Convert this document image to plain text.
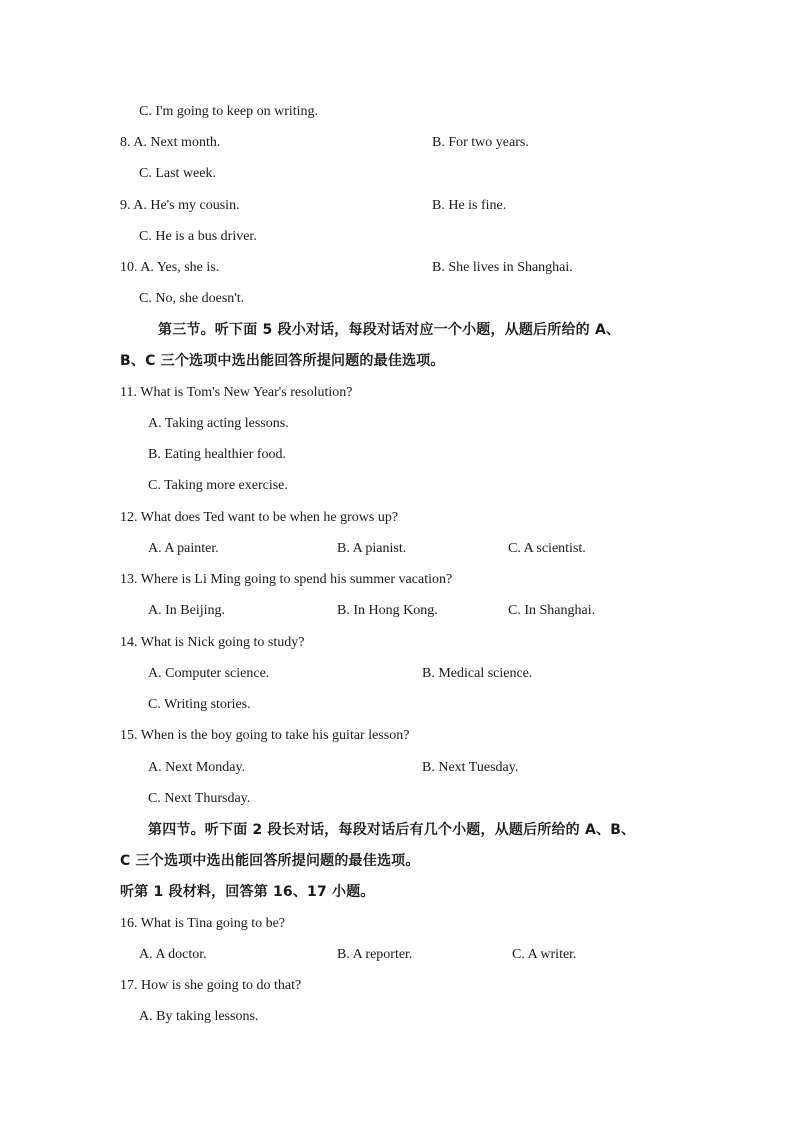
C. I'm going to keep on writing.
8. A. Next month.	B. For two years.
C. Last week.
9. A. He's my cousin.	B. He is fine.
C. He is a bus driver.
10. A. Yes, she is.	B. She lives in Shanghai.
C. No, she doesn't.
第三节。听下面 5 段小对话，每段对话对应一个小题，从题后所给的 A、
B、C 三个选项中选出能回答所提问题的最佳选项。
11. What is Tom's New Year's resolution?
A. Taking acting lessons.
B. Eating healthier food.
C. Taking more exercise.
12. What does Ted want to be when he grows up?
A. A painter.	B. A pianist.	C. A scientist.
13. Where is Li Ming going to spend his summer vacation?
A. In Beijing.	B. In Hong Kong.	C. In Shanghai.
14. What is Nick going to study?
A. Computer science.	B. Medical science.
C. Writing stories.
15. When is the boy going to take his guitar lesson?
A. Next Monday.	B. Next Tuesday.
C. Next Thursday.
第四节。听下面 2 段长对话，每段对话后有几个小题，从题后所给的 A、B、
C 三个选项中选出能回答所提问题的最佳选项。
听第 1 段材料，回答第 16、17 小题。
16. What is Tina going to be?
A. A doctor.	B. A reporter.	C. A writer.
17. How is she going to do that?
A. By taking lessons.
